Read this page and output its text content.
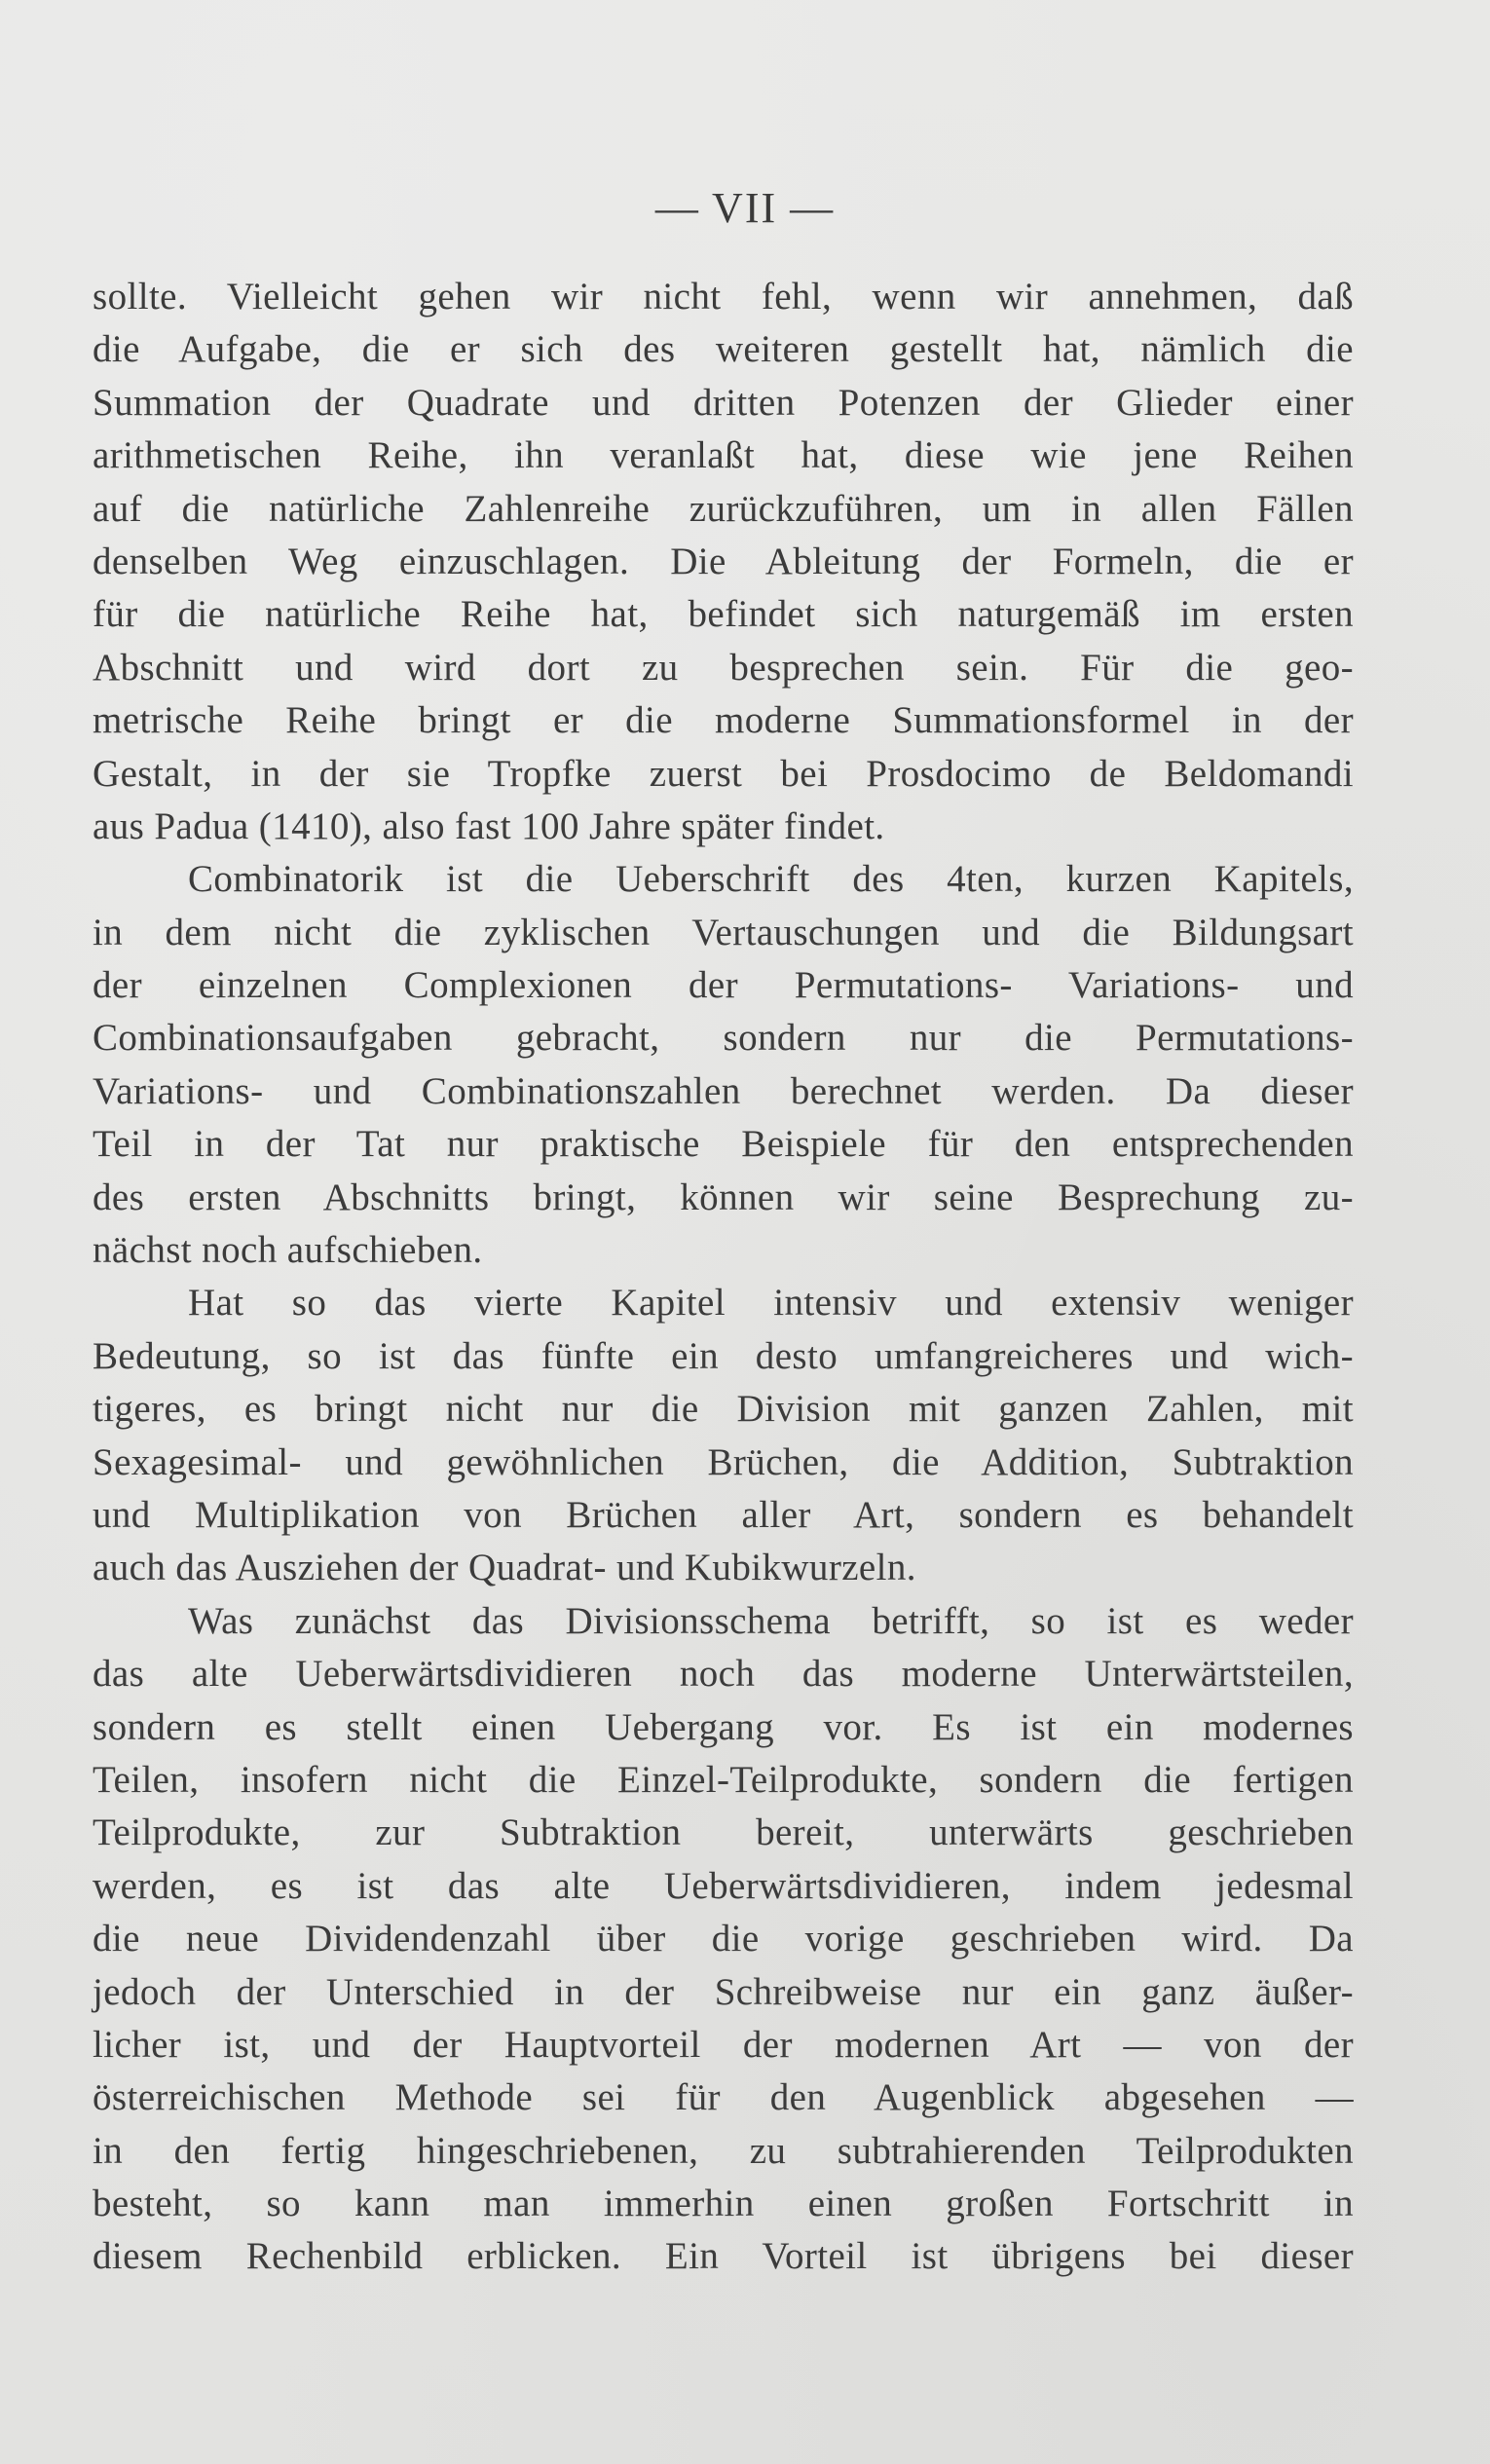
— VII —
sollte. Vielleicht gehen wir nicht fehl, wenn wir annehmen, daß
die Aufgabe, die er sich des weiteren gestellt hat, nämlich die
Summation der Quadrate und dritten Potenzen der Glieder einer
arithmetischen Reihe, ihn veranlaßt hat, diese wie jene Reihen
auf die natürliche Zahlenreihe zurückzuführen, um in allen Fällen
denselben Weg einzuschlagen. Die Ableitung der Formeln, die er
für die natürliche Reihe hat, befindet sich naturgemäß im ersten
Abschnitt und wird dort zu besprechen sein. Für die geo-
metrische Reihe bringt er die moderne Summationsformel in der
Gestalt, in der sie Tropfke zuerst bei Prosdocimo de Beldomandi
aus Padua (1410), also fast 100 Jahre später findet.
Combinatorik ist die Ueberschrift des 4ten, kurzen Kapitels,
in dem nicht die zyklischen Vertauschungen und die Bildungsart
der einzelnen Complexionen der Permutations- Variations- und
Combinationsaufgaben gebracht, sondern nur die Permutations-
Variations- und Combinationszahlen berechnet werden. Da dieser
Teil in der Tat nur praktische Beispiele für den entsprechenden
des ersten Abschnitts bringt, können wir seine Besprechung zu-
nächst noch aufschieben.
Hat so das vierte Kapitel intensiv und extensiv weniger
Bedeutung, so ist das fünfte ein desto umfangreicheres und wich-
tigeres, es bringt nicht nur die Division mit ganzen Zahlen, mit
Sexagesimal- und gewöhnlichen Brüchen, die Addition, Subtraktion
und Multiplikation von Brüchen aller Art, sondern es behandelt
auch das Ausziehen der Quadrat- und Kubikwurzeln.
Was zunächst das Divisionsschema betrifft, so ist es weder
das alte Ueberwärtsdividieren noch das moderne Unterwärtsteilen,
sondern es stellt einen Uebergang vor. Es ist ein modernes
Teilen, insofern nicht die Einzel-Teilprodukte, sondern die fertigen
Teilprodukte, zur Subtraktion bereit, unterwärts geschrieben
werden, es ist das alte Ueberwärtsdividieren, indem jedesmal
die neue Dividendenzahl über die vorige geschrieben wird. Da
jedoch der Unterschied in der Schreibweise nur ein ganz äußer-
licher ist, und der Hauptvorteil der modernen Art — von der
österreichischen Methode sei für den Augenblick abgesehen —
in den fertig hingeschriebenen, zu subtrahierenden Teilprodukten
besteht, so kann man immerhin einen großen Fortschritt in
diesem Rechenbild erblicken. Ein Vorteil ist übrigens bei dieser
